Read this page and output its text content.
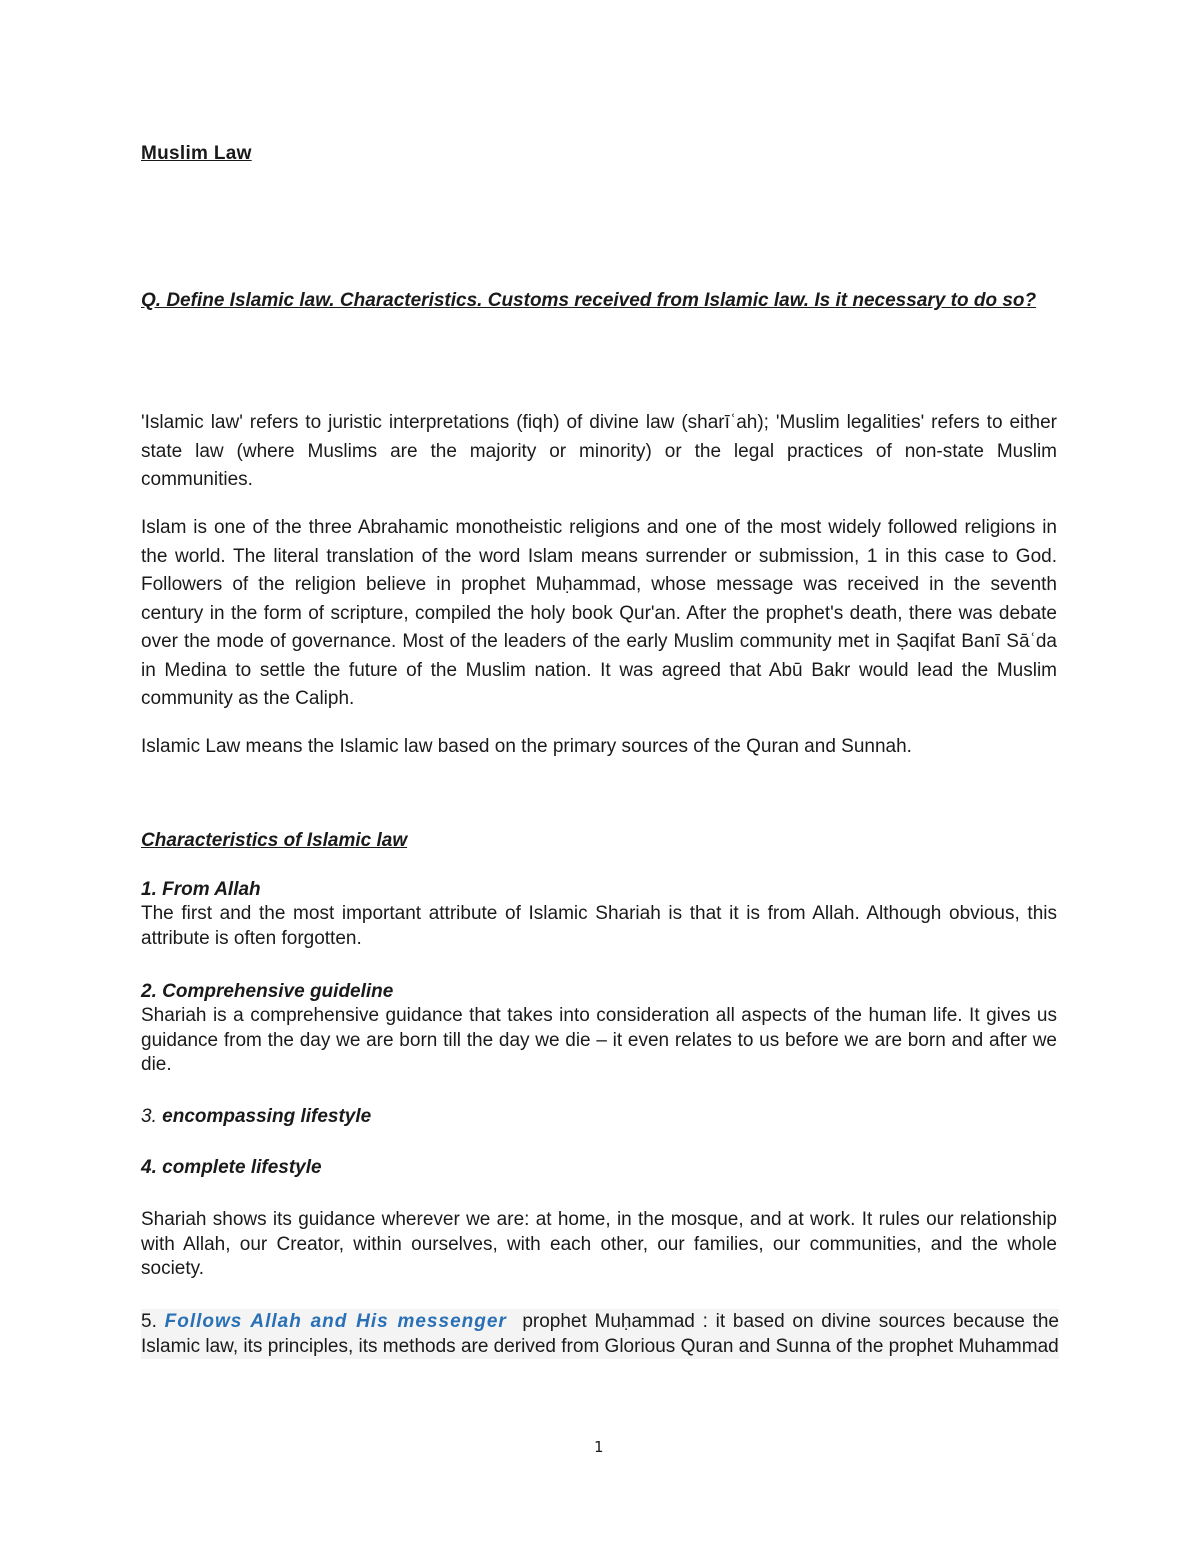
Muslim Law
Q. Define Islamic law. Characteristics. Customs received from Islamic law. Is it necessary to do so?
'Islamic law' refers to juristic interpretations (fiqh) of divine law (sharīʿah); 'Muslim legalities' refers to either state law (where Muslims are the majority or minority) or the legal practices of non-state Muslim communities.
Islam is one of the three Abrahamic monotheistic religions and one of the most widely followed religions in the world. The literal translation of the word Islam means surrender or submission, 1 in this case to God. Followers of the religion believe in prophet Muḥammad, whose message was received in the seventh century in the form of scripture, compiled the holy book Qur'an. After the prophet's death, there was debate over the mode of governance. Most of the leaders of the early Muslim community met in Ṣaqifat Banī Sāʿda in Medina to settle the future of the Muslim nation. It was agreed that Abū Bakr would lead the Muslim community as the Caliph.
Islamic Law means the Islamic law based on the primary sources of the Quran and Sunnah.
Characteristics of Islamic law
1. From Allah
The first and the most important attribute of Islamic Shariah is that it is from Allah. Although obvious, this attribute is often forgotten.
2. Comprehensive guideline
Shariah is a comprehensive guidance that takes into consideration all aspects of the human life. It gives us guidance from the day we are born till the day we die – it even relates to us before we are born and after we die.
3. encompassing lifestyle
4. complete lifestyle
Shariah shows its guidance wherever we are: at home, in the mosque, and at work. It rules our relationship with Allah, our Creator, within ourselves, with each other, our families, our communities, and the whole society.
5. Follows Allah and His messenger prophet Muḥammad : it based on divine sources because the Islamic law, its principles, its methods are derived from Glorious Quran and Sunna of the prophet Muhammad
1
